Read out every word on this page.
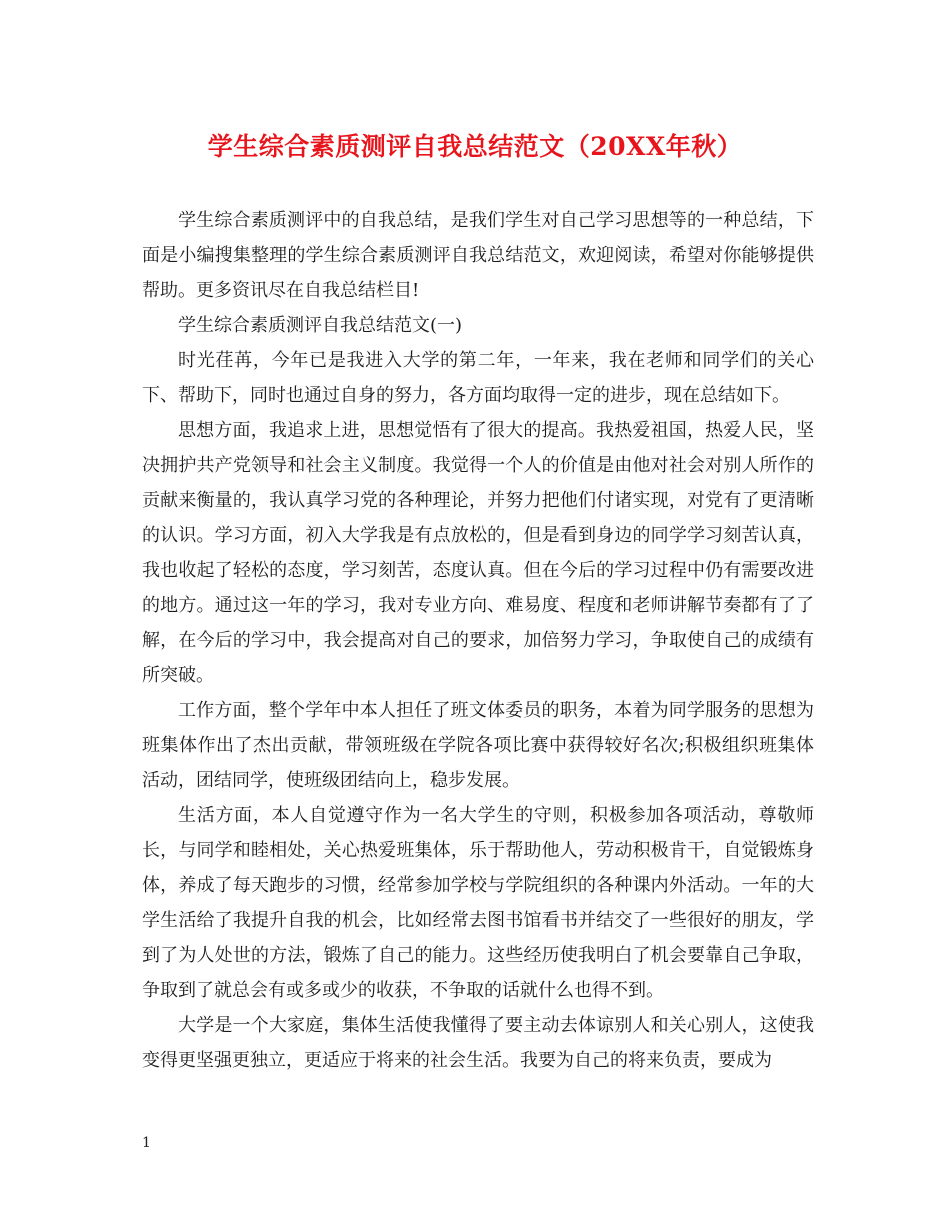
学生综合素质测评自我总结范文（20XX年秋）

学生综合素质测评中的自我总结，是我们学生对自己学习思想等的一种总结，下面是小编搜集整理的学生综合素质测评自我总结范文，欢迎阅读，希望对你能够提供帮助。更多资讯尽在自我总结栏目!

学生综合素质测评自我总结范文(一)

时光荏苒，今年已是我进入大学的第二年，一年来，我在老师和同学们的关心下、帮助下，同时也通过自身的努力，各方面均取得一定的进步，现在总结如下。

思想方面，我追求上进，思想觉悟有了很大的提高。我热爱祖国，热爱人民，坚决拥护共产党领导和社会主义制度。我觉得一个人的价值是由他对社会对别人所作的贡献来衡量的，我认真学习党的各种理论，并努力把他们付诸实现，对党有了更清晰的认识。学习方面，初入大学我是有点放松的，但是看到身边的同学学习刻苦认真，我也收起了轻松的态度，学习刻苦，态度认真。但在今后的学习过程中仍有需要改进的地方。通过这一年的学习，我对专业方向、难易度、程度和老师讲解节奏都有了了解，在今后的学习中，我会提高对自己的要求，加倍努力学习，争取使自己的成绩有所突破。

工作方面，整个学年中本人担任了班文体委员的职务，本着为同学服务的思想为班集体作出了杰出贡献，带领班级在学院各项比赛中获得较好名次;积极组织班集体活动，团结同学，使班级团结向上，稳步发展。

生活方面，本人自觉遵守作为一名大学生的守则，积极参加各项活动，尊敬师长，与同学和睦相处，关心热爱班集体，乐于帮助他人，劳动积极肯干，自觉锻炼身体，养成了每天跑步的习惯，经常参加学校与学院组织的各种课内外活动。一年的大学生活给了我提升自我的机会，比如经常去图书馆看书并结交了一些很好的朋友，学到了为人处世的方法，锻炼了自己的能力。这些经历使我明白了机会要靠自己争取，争取到了就总会有或多或少的收获，不争取的话就什么也得不到。

大学是一个大家庭，集体生活使我懂得了要主动去体谅别人和关心别人，这使我变得更坚强更独立，更适应于将来的社会生活。我要为自己的将来负责，要成为

1
